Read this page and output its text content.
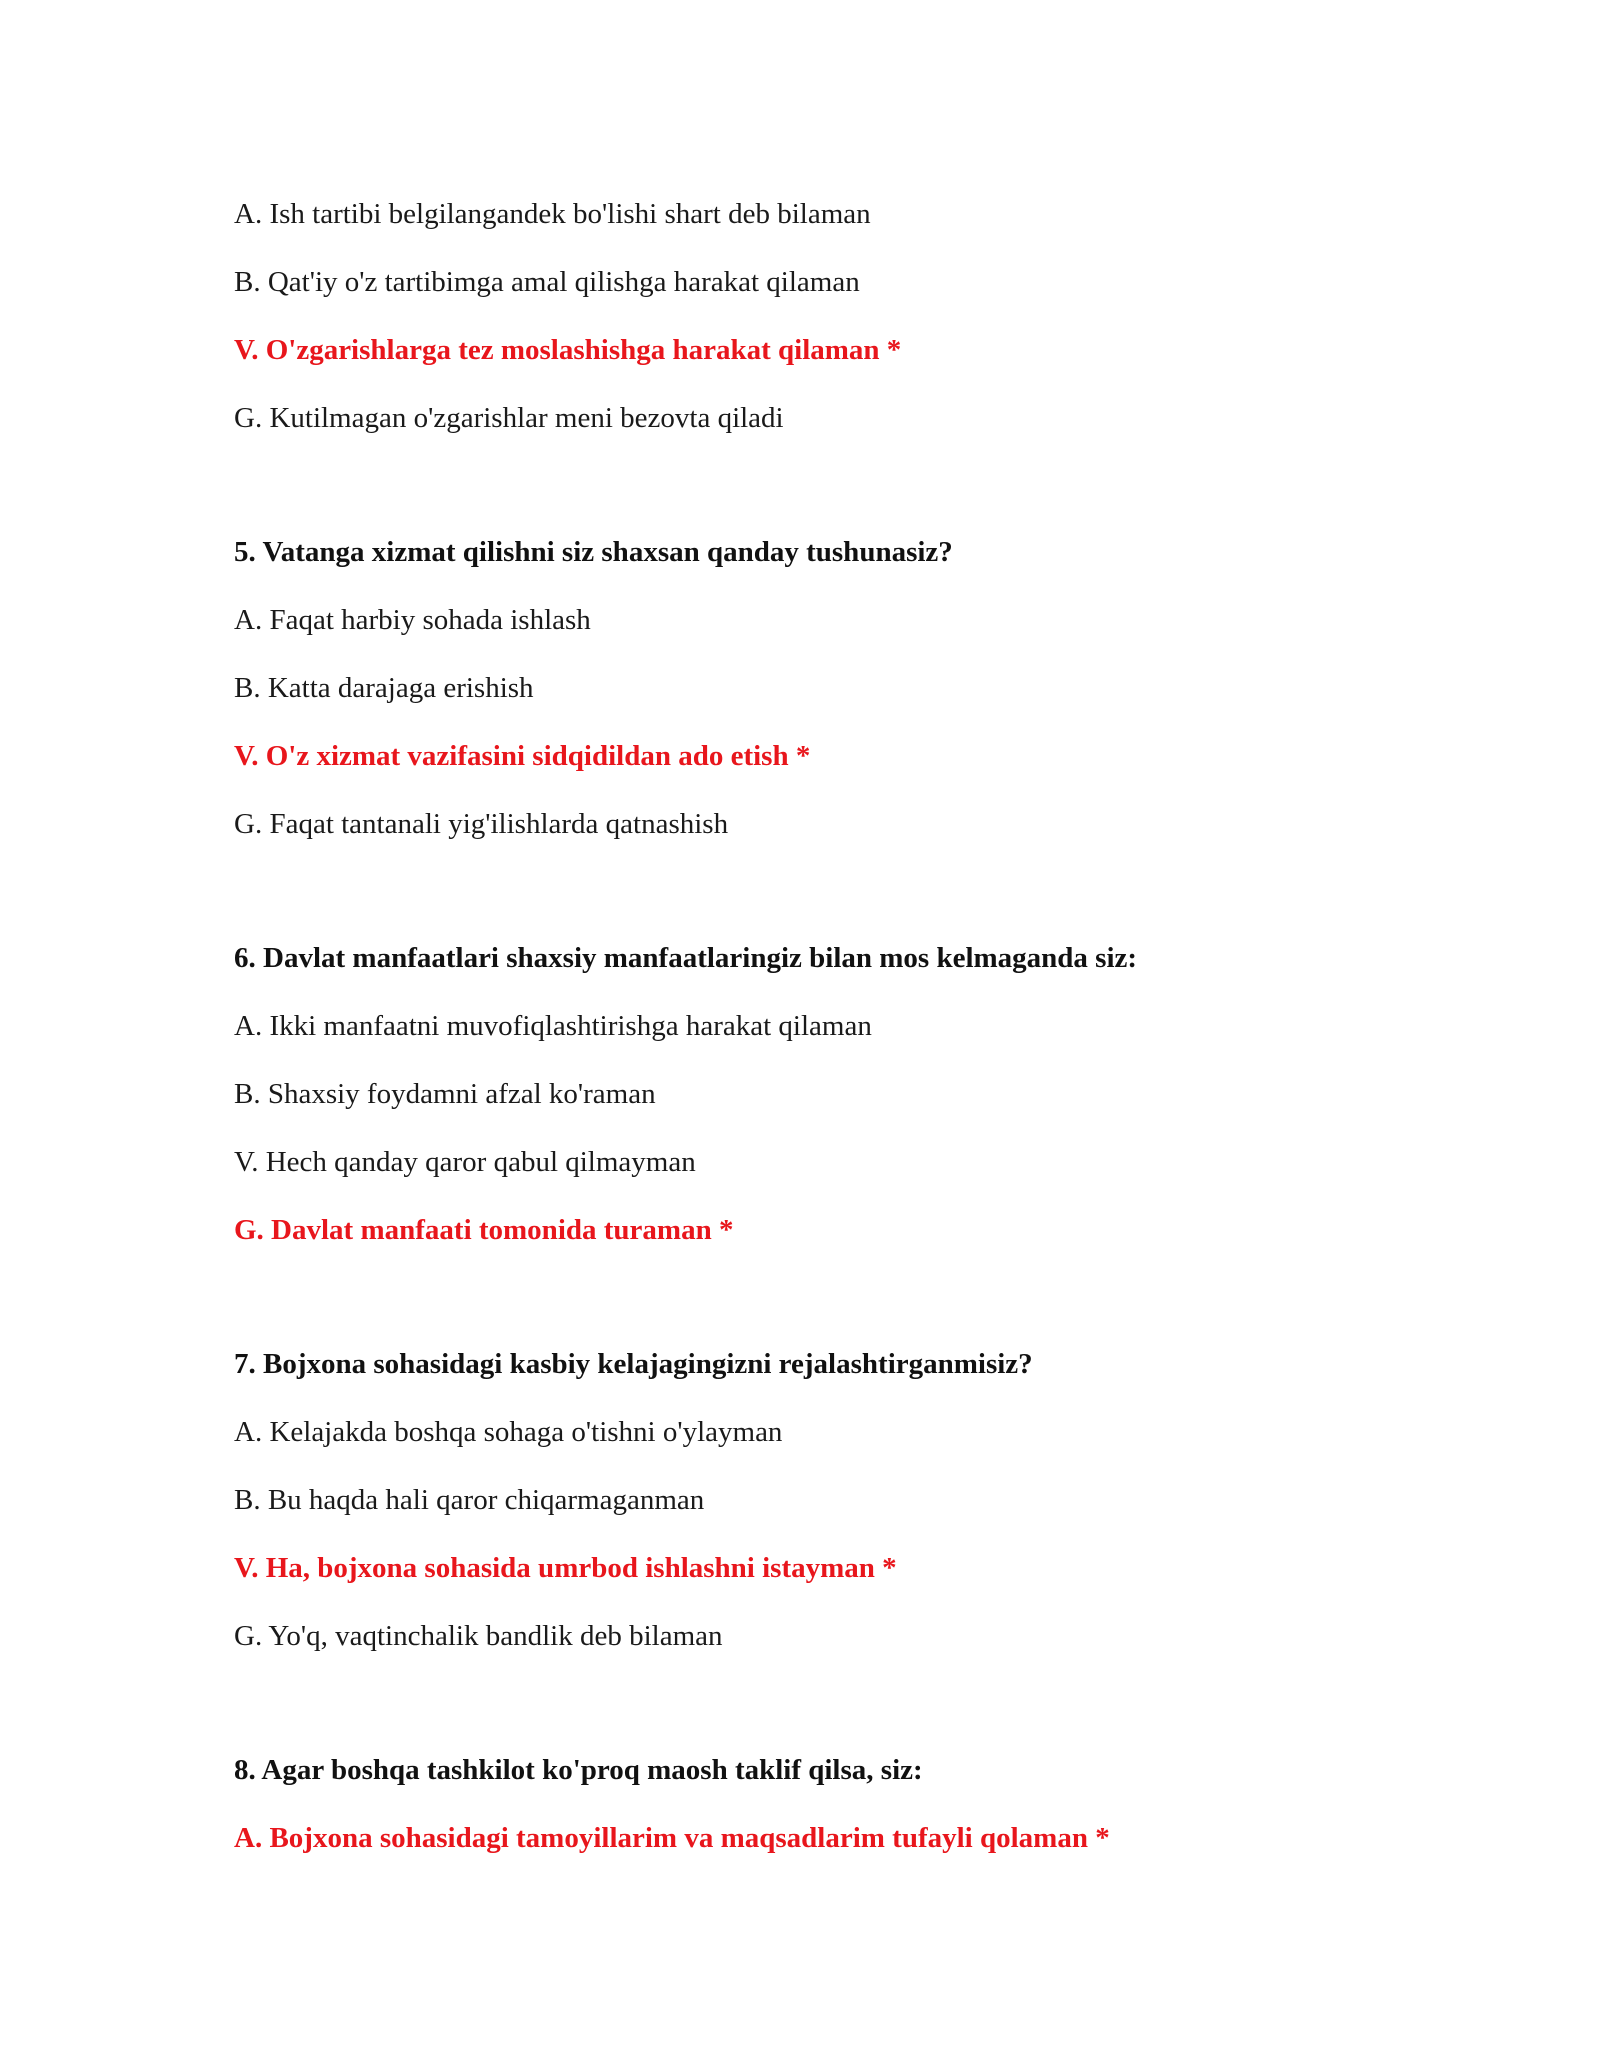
A. Ish tartibi belgilangandek bo'lishi shart deb bilaman
B. Qat'iy o'z tartibimga amal qilishga harakat qilaman
V. O'zgarishlarga tez moslashishga harakat qilaman *
G. Kutilmagan o'zgarishlar meni bezovta qiladi
5. Vatanga xizmat qilishni siz shaxsan qanday tushunasiz?
A. Faqat harbiy sohada ishlash
B. Katta darajaga erishish
V. O'z xizmat vazifasini sidqidildan ado etish *
G. Faqat tantanali yig'ilishlarda qatnashish
6. Davlat manfaatlari shaxsiy manfaatlaringiz bilan mos kelmaganda siz:
A. Ikki manfaatni muvofiqlashtirishga harakat qilaman
B. Shaxsiy foydamni afzal ko'raman
V. Hech qanday qaror qabul qilmayman
G. Davlat manfaati tomonida turaman *
7. Bojxona sohasidagi kasbiy kelajagingizni rejalashtirganmisiz?
A. Kelajakda boshqa sohaga o'tishni o'ylayman
B. Bu haqda hali qaror chiqarmaganman
V. Ha, bojxona sohasida umrbod ishlashni istayman *
G. Yo'q, vaqtinchalik bandlik deb bilaman
8. Agar boshqa tashkilot ko'proq maosh taklif qilsa, siz:
A. Bojxona sohasidagi tamoyillarim va maqsadlarim tufayli qolaman *
